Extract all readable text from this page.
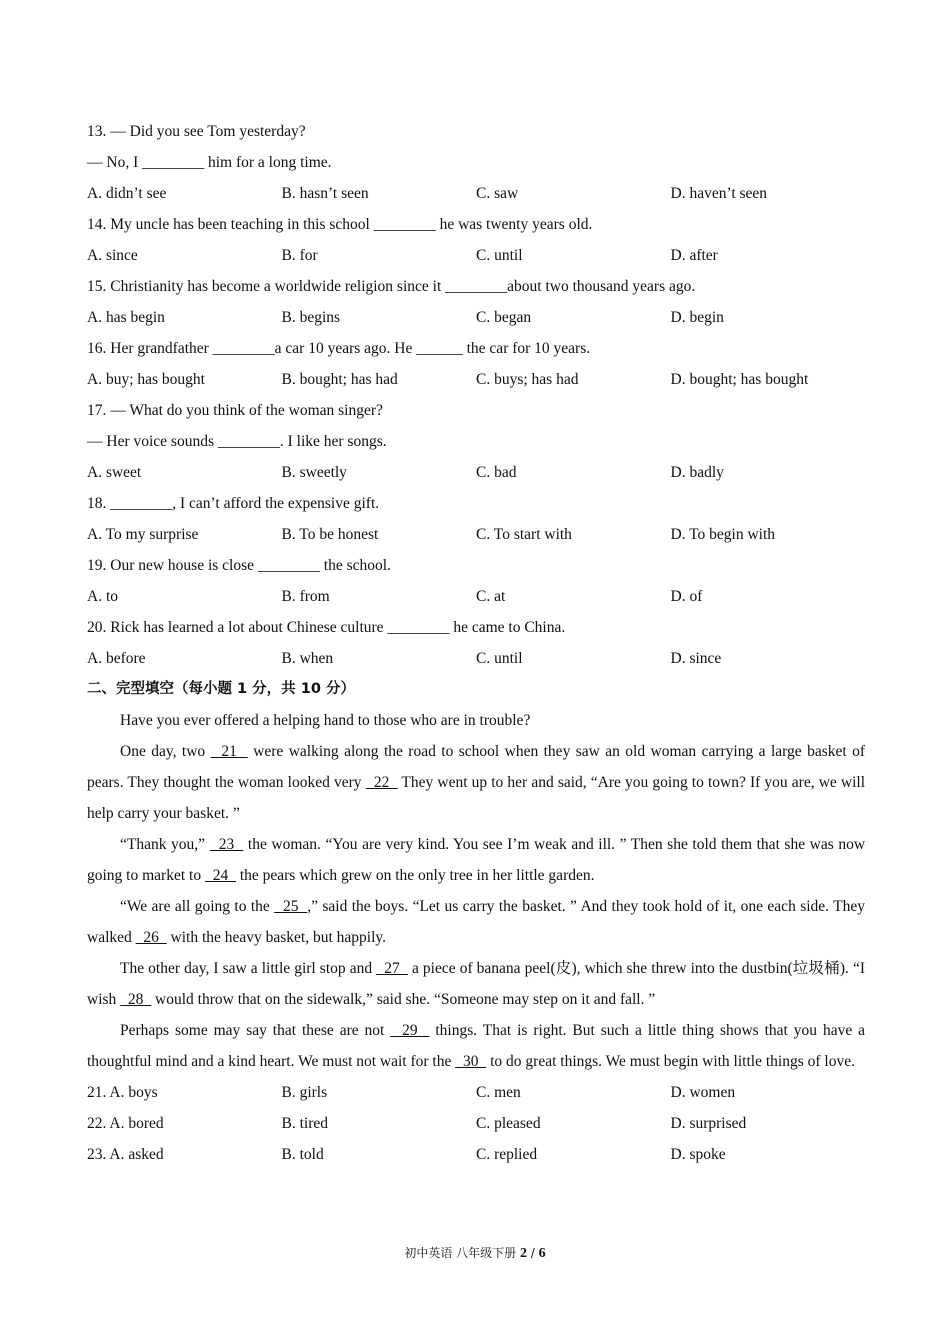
13. — Did you see Tom yesterday?
— No, I ________ him for a long time.
A. didn’t see	B. hasn’t seen	C. saw	D. haven’t seen
14. My uncle has been teaching in this school ________ he was twenty years old.
A. since	B. for	C. until	D. after
15. Christianity has become a worldwide religion since it ________about two thousand years ago.
A. has begin	B. begins	C. began	D. begin
16. Her grandfather ________a car 10 years ago. He ______ the car for 10 years.
A. buy; has bought	B. bought; has had	C. buys; has had	D. bought; has bought
17. — What do you think of the woman singer?
— Her voice sounds ________. I like her songs.
A. sweet	B. sweetly	C. bad	D. badly
18. ________, I can’t afford the expensive gift.
A. To my surprise	B. To be honest	C. To start with	D. To begin with
19. Our new house is close ________ the school.
A. to	B. from	C. at	D. of
20. Rick has learned a lot about Chinese culture ________ he came to China.
A. before	B. when	C. until	D. since
二、完型填空（每小题 1 分，共 10 分）

Have you ever offered a helping hand to those who are in trouble?

One day, two   21   were walking along the road to school when they saw an old woman carrying a large basket of pears. They thought the woman looked very   22   They went up to her and said, “Are you going to town? If you are, we will help carry your basket. ”

“Thank you,”   23   the woman. “You are very kind. You see I’m weak and ill. ” Then she told them that she was now going to market to   24   the pears which grew on the only tree in her little garden.

“We are all going to the   25  ,” said the boys. “Let us carry the basket. ” And they took hold of it, one each side. They walked   26   with the heavy basket, but happily.

The other day, I saw a little girl stop and   27   a piece of banana peel(皮), which she threw into the dustbin(垃圾桶). “I wish   28   would throw that on the sidewalk,” said she. “Someone may step on it and fall. ”

Perhaps some may say that these are not   29   things. That is right. But such a little thing shows that you have a thoughtful mind and a kind heart. We must not wait for the   30   to do great things. We must begin with little things of love.

21. A. boys	B. girls	C. men	D. women
22. A. bored	B. tired	C. pleased	D. surprised
23. A. asked	B. told	C. replied	D. spoke
初中英语 八年级下册 2 / 6
